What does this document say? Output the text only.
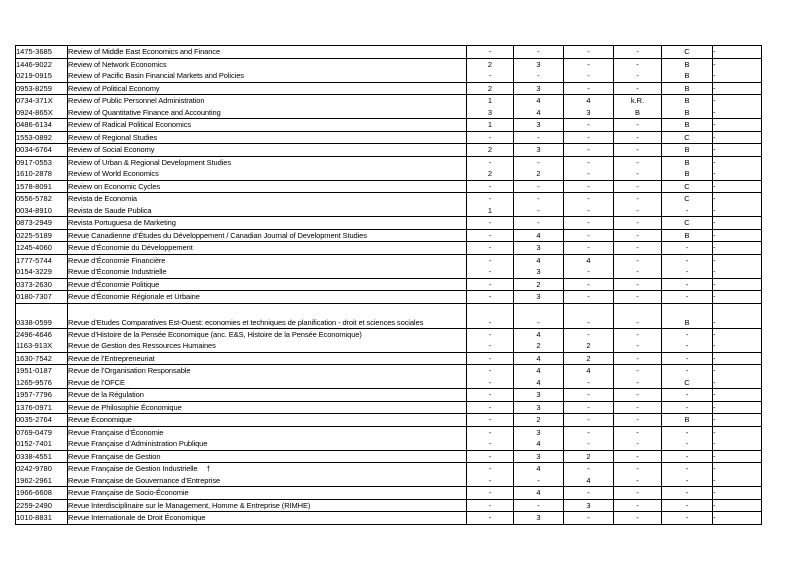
1475-3685	Review of Middle East Economics and Finance	-	-	-	-	C	-
1446-9022	Review of Network Economics	2	3	-	-	B	-
0219-0915	Review of Pacific Basin Financial Markets and Policies	-	-	-	-	B	-
0953-8259	Review of Political Economy	2	3	-	-	B	-
0734-371X	Review of Public Personnel Administration	1	4	4	k.R.	B	-
0924-865X	Review of Quantitative Finance and Accounting	3	4	3	B	B	-
0486-6134	Review of Radical Political Economics	1	3	-	-	B	-
1553-0892	Review of Regional Studies	-	-	-	-	C	-
0034-6764	Review of Social Economy	2	3	-	-	B	-
0917-0553	Review of Urban & Regional Development Studies	-	-	-	-	B	-
1610-2878	Review of World Economics	2	2	-	-	B	-
1578-8091	Review on Economic Cycles	-	-	-	-	C	-
0556-5782	Revista de Economia	-	-	-	-	C	-
0034-8910	Revista de Saude Publica	1	-	-	-	-	-
0873-2949	Revista Portuguesa de Marketing	-	-	-	-	C	-
0225-5189	Revue Canadienne d’Études du Développement / Canadian Journal of Development Studies	-	4	-	-	B	-
1245-4060	Revue d’Économie du Développement	-	3	-	-	-	-
1777-5744	Revue d’Économie Financière	-	4	4	-	-	-
0154-3229	Revue d’Économie Industrielle	-	3	-	-	-	-
0373-2630	Revue d’Économie Politique	-	2	-	-	-	-
0180-7307	Revue d’Économie Régionale et Urbaine	-	3	-	-	-	-
0338-0599	Revue d’Etudes Comparatives Est-Ouest: economies et techniques de planification - droit et sciences sociales	-	-	-	-	B	-
2496-4646	Revue d’Histoire de la Pensée Economique (anc. E&S, Histoire de la Pensée Economique)	-	4	-	-	-	-
1163-913X	Revue de Gestion des Ressources Humaines	-	2	2	-	-	-
1630-7542	Revue de l’Entrepreneuriat	-	4	2	-	-	-
1951-0187	Revue de l’Organisation Responsable	-	4	4	-	-	-
1265-9576	Revue de l’OFCE	-	4	-	-	C	-
1957-7796	Revue de la Régulation	-	3	-	-	-	-
1376-0971	Revue de Philosophie Économique	-	3	-	-	-	-
0035-2764	Revue Économique	-	2	-	-	B	-
0769-0479	Revue Française d’Économie	-	3	-	-	-	-
0152-7401	Revue Française d’Administration Publique	-	4	-	-	-	-
0338-4551	Revue Française de Gestion	-	3	2	-	-	-
0242-9780	Revue Française de Gestion Industrielle †	-	4	-	-	-	-
1962-2961	Revue Française de Gouvernance d’Entreprise	-	-	4	-	-	-
1966-6608	Revue Française de Socio-Économie	-	4	-	-	-	-
2259-2490	Revue Interdisciplinaire sur le Management, Homme & Entreprise (RIMHE)	-	-	3	-	-	-
1010-8831	Revue Internationale de Droit Économique	-	3	-	-	-	-
